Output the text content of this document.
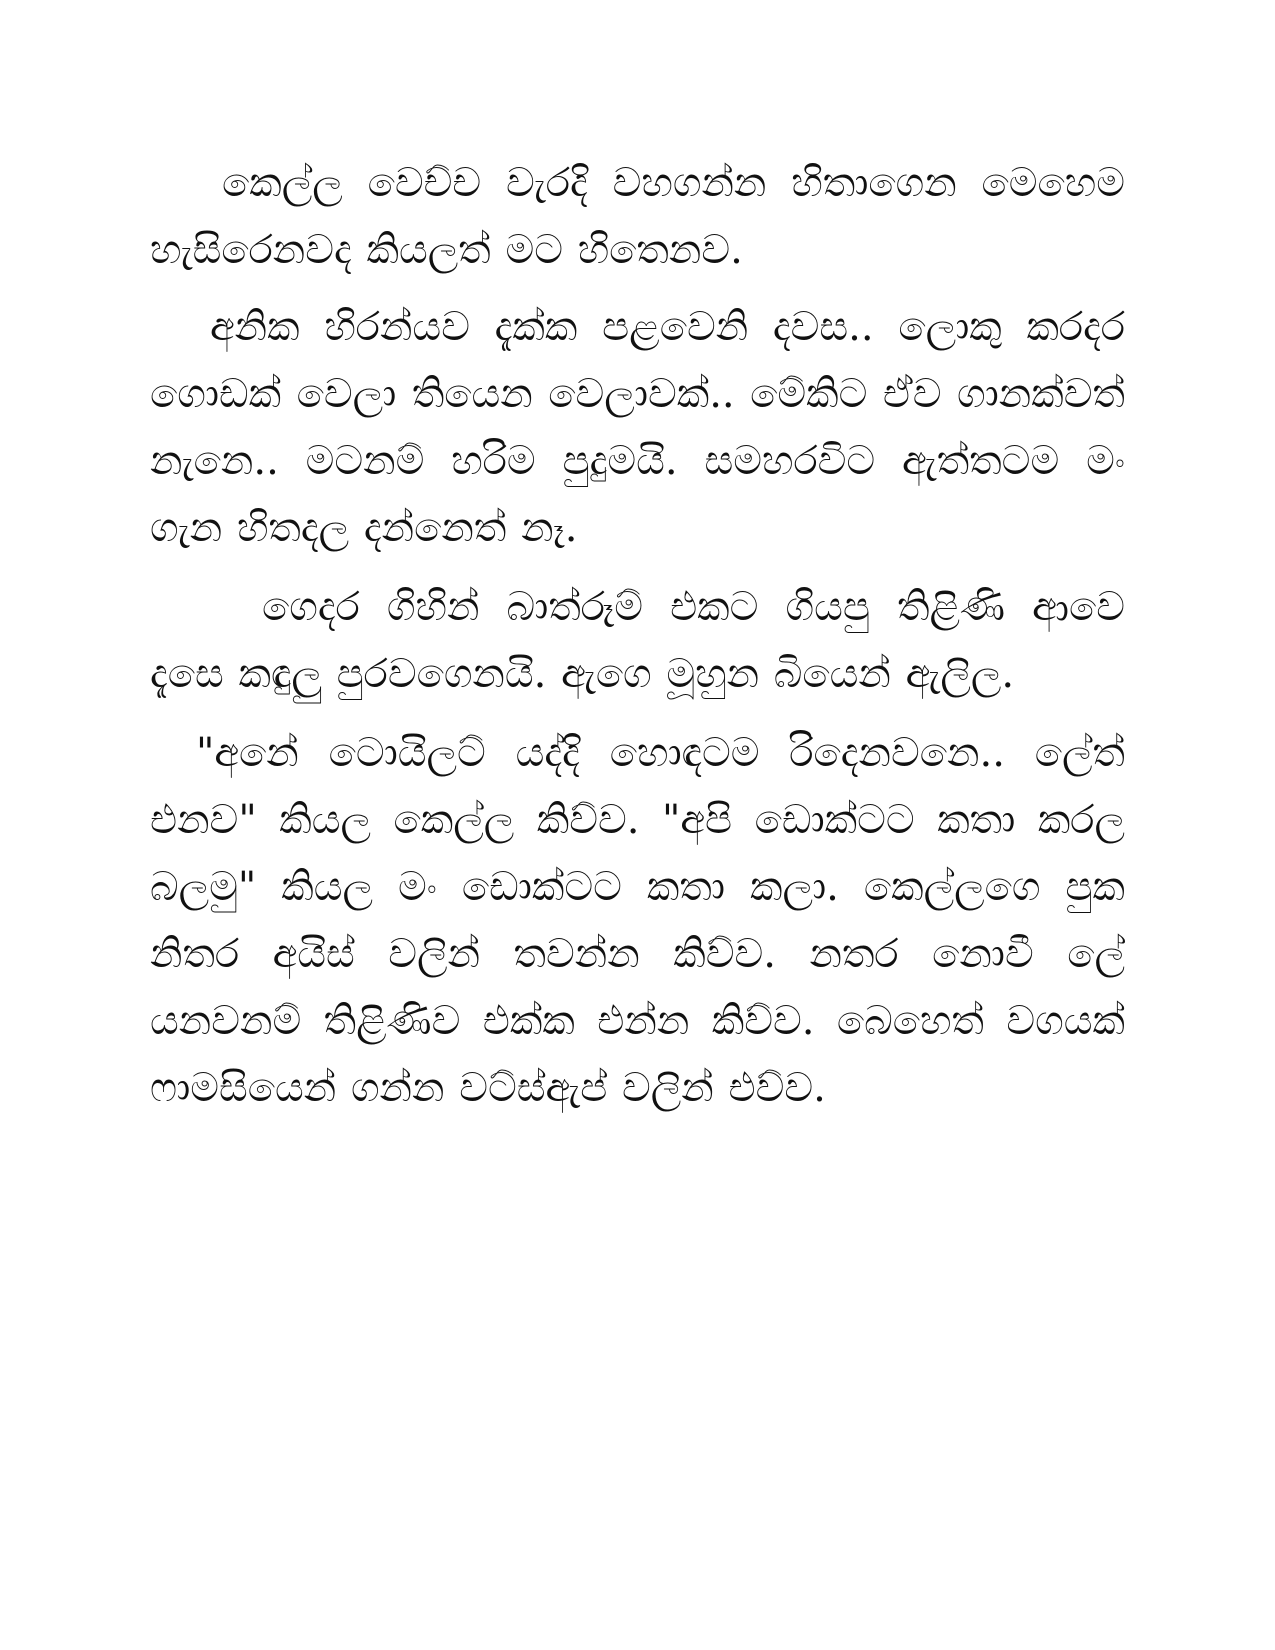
කෙල්ල වෙච්ච වැරදි වහගන්න හිතාගෙන මෙහෙම හැසිරෙනවද කියලත් මට හිතෙනව.

අනික හිරන්යව දැක්ක පළවෙනි දවස.. ලොකු කරදර ගොඩක් වෙලා තියෙන වෙලාවක්.. මේකිට ඒව ගානක්වත් නැනෙ.. මටනම් හරිම පුදුමයි. සමහරවිට ඇත්තටම මං ගැන හිතදල දන්නෙත් නෑ.

ගෙදර ගිහින් බාත්රූම් එකට ගියපු තිළිණි ආවෙ දැසෙ කඳුලු පුරවගෙනයි. ඇගෙ මූහුන බියෙන් ඇලිල.

"අනේ ටොයිලට් යද්දි හොඳටම රිදෙනවනෙ.. ලේත් එනව" කියල කෙල්ල කිව්ව. "අපි ඩොක්ටට කතා කරල බලමු" කියල මං ඩොක්ටට කතා කලා. කෙල්ලගෙ පුක නිතර අයිස් වලින් තවන්න කිව්ව. නතර නොවී ලේ යනවනම් තිළිණිව එක්ක එන්න කිව්ව. බෙහෙත් වගයක් ෆාමසියෙන් ගන්න වට්ස්ඇප් වලින් එව්ව.
